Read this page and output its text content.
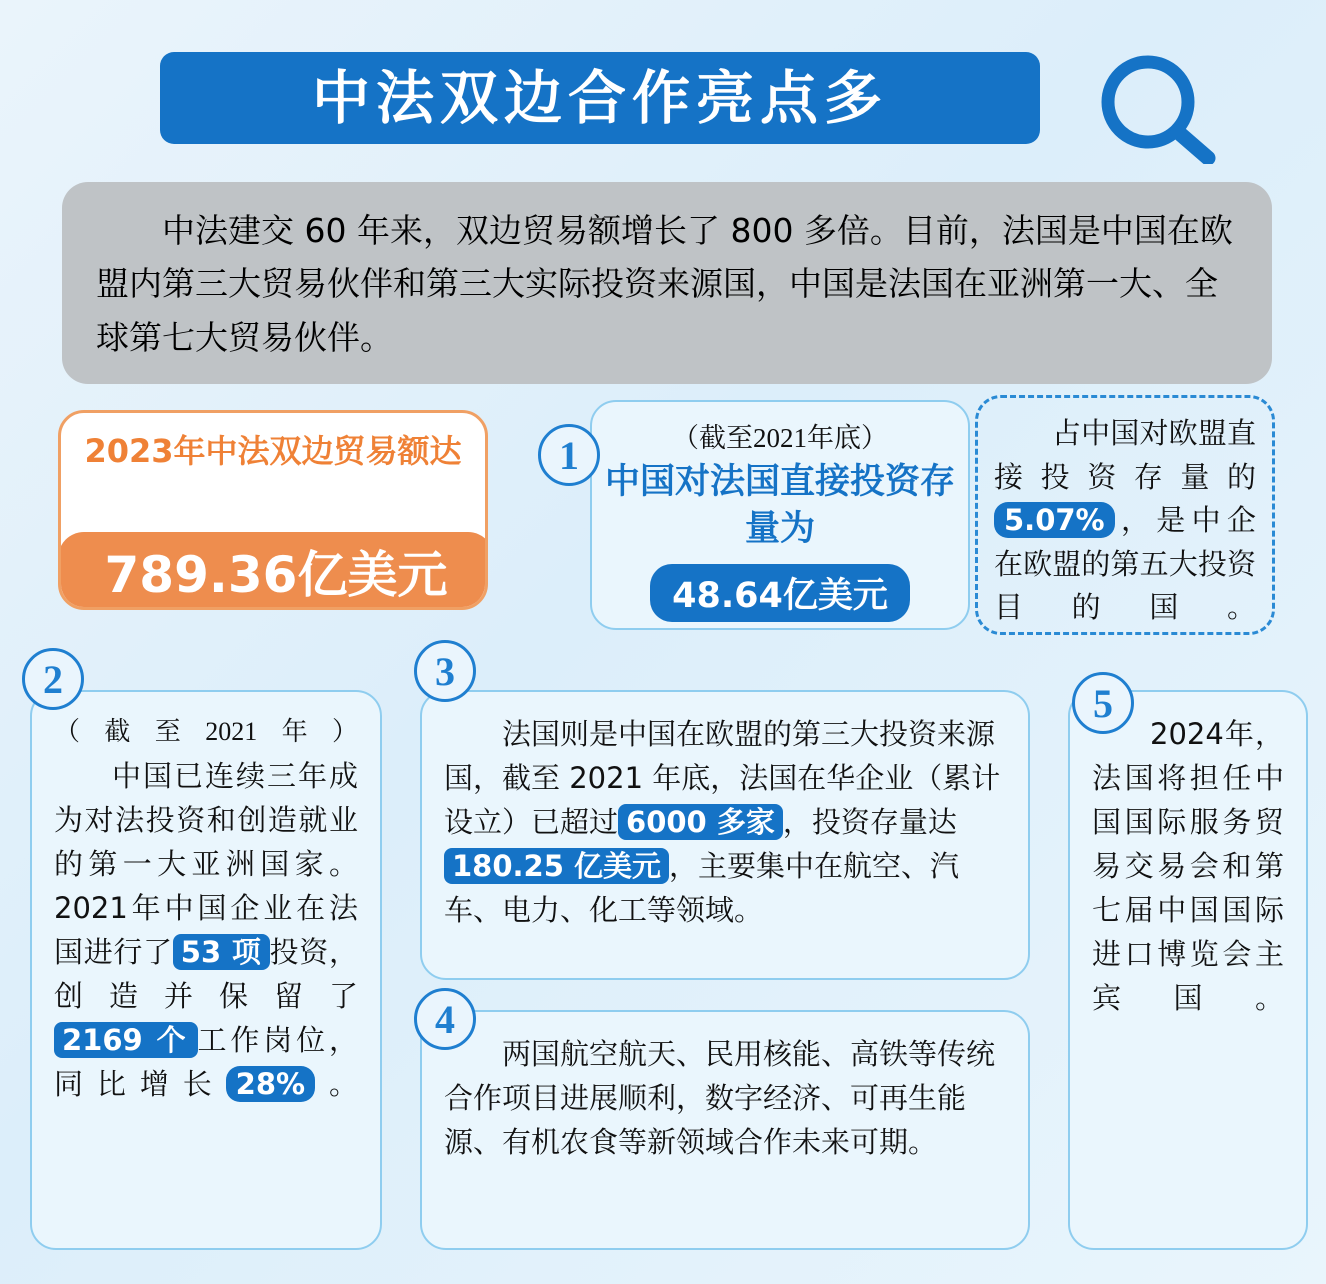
中法双边合作亮点多

中法建交 60 年来，双边贸易额增长了 800 多倍。目前，法国是中国在欧盟内第三大贸易伙伴和第三大实际投资来源国，中国是法国在亚洲第一大、全球第七大贸易伙伴。

2023年中法双边贸易额达
789.36亿美元
1	（截至2021年底）
中国对法国直接投资存量为
48.64亿美元

占中国对欧盟直接投资存量的5.07% ，是中企在欧盟的第五大投资目的国。

2

（截至2021年）

中国已连续三年成为对法投资和创造就业的第一大亚洲国家。2021年中国企业在法国进行了 53 项 投资，创造并保留了2169 个 工作岗位，同比增长 28% 。

3

法国则是中国在欧盟的第三大投资来源国，截至 2021 年底，法国在华企业（累计设立）已超过 6000 多家 ，投资存量达180.25 亿美元 ，主要集中在航空、汽车、电力、化工等领域。

4

两国航空航天、民用核能、高铁等传统合作项目进展顺利，数字经济、可再生能源、有机农食等新领域合作未来可期。

5

2024年，法国将担任中国国际服务贸易交易会和第七届中国国际进口博览会主宾国。
